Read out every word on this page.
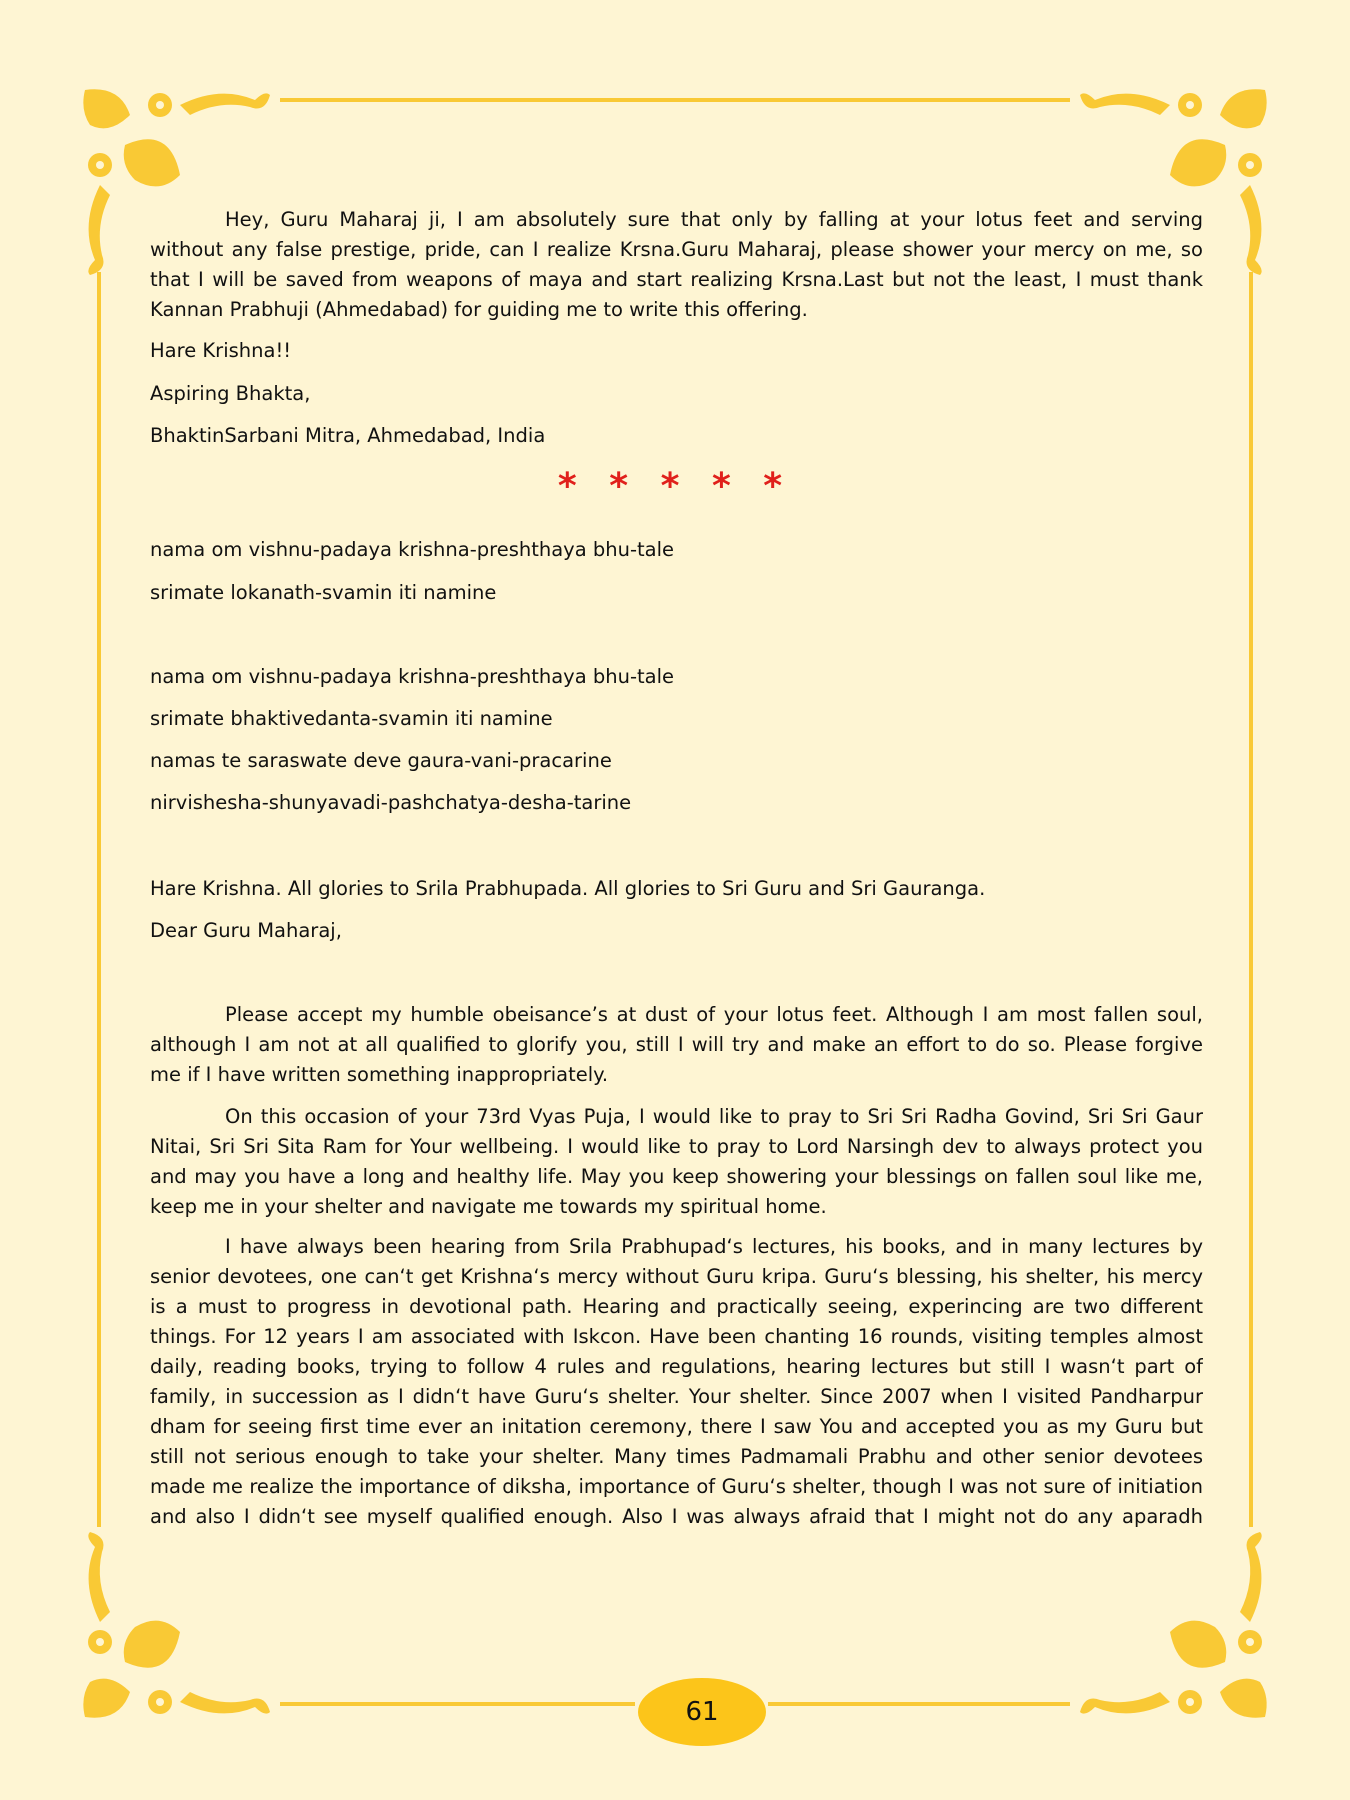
Hey, Guru Maharaj ji, I am absolutely sure that only by falling at your lotus feet and serving
without any false prestige, pride, can I realize Krsna.Guru Maharaj, please shower your mercy on me, so
that I will be saved from weapons of maya and start realizing Krsna.Last but not the least, I must thank
Kannan Prabhuji (Ahmedabad) for guiding me to write this offering.
Hare Krishna!!
Aspiring Bhakta,
BhaktinSarbani Mitra, Ahmedabad, India
nama om vishnu-padaya krishna-preshthaya bhu-tale
srimate lokanath-svamin iti namine
nama om vishnu-padaya krishna-preshthaya bhu-tale
srimate bhaktivedanta-svamin iti namine
namas te saraswate deve gaura-vani-pracarine
nirvishesha-shunyavadi-pashchatya-desha-tarine
Hare Krishna. All glories to Srila Prabhupada. All glories to Sri Guru and Sri Gauranga.
Dear Guru Maharaj,
Please accept my humble obeisance’s at dust of your lotus feet. Although I am most fallen soul,
although I am not at all qualified to glorify you, still I will try and make an effort to do so. Please forgive
me if I have written something inappropriately.
On this occasion of your 73rd Vyas Puja, I would like to pray to Sri Sri Radha Govind, Sri Sri Gaur
Nitai, Sri Sri Sita Ram for Your wellbeing. I would like to pray to Lord Narsingh dev to always protect you
and may you have a long and healthy life. May you keep showering your blessings on fallen soul like me,
keep me in your shelter and navigate me towards my spiritual home.
I have always been hearing from Srila Prabhupad‘s lectures, his books, and in many lectures by
senior devotees, one can‘t get Krishna‘s mercy without Guru kripa. Guru‘s blessing, his shelter, his mercy
is a must to progress in devotional path. Hearing and practically seeing, experincing are two different
things. For 12 years I am associated with Iskcon. Have been chanting 16 rounds, visiting temples almost
daily, reading books, trying to follow 4 rules and regulations, hearing lectures but still I wasn‘t part of
family, in succession as I didn‘t have Guru‘s shelter. Your shelter. Since 2007 when I visited Pandharpur
dham for seeing first time ever an initation ceremony, there I saw You and accepted you as my Guru but
still not serious enough to take your shelter. Many times Padmamali Prabhu and other senior devotees
made me realize the importance of diksha, importance of Guru‘s shelter, though I was not sure of initiation
and also I didn‘t see myself qualified enough. Also I was always afraid that I might not do any aparadh
* * * * *
61
